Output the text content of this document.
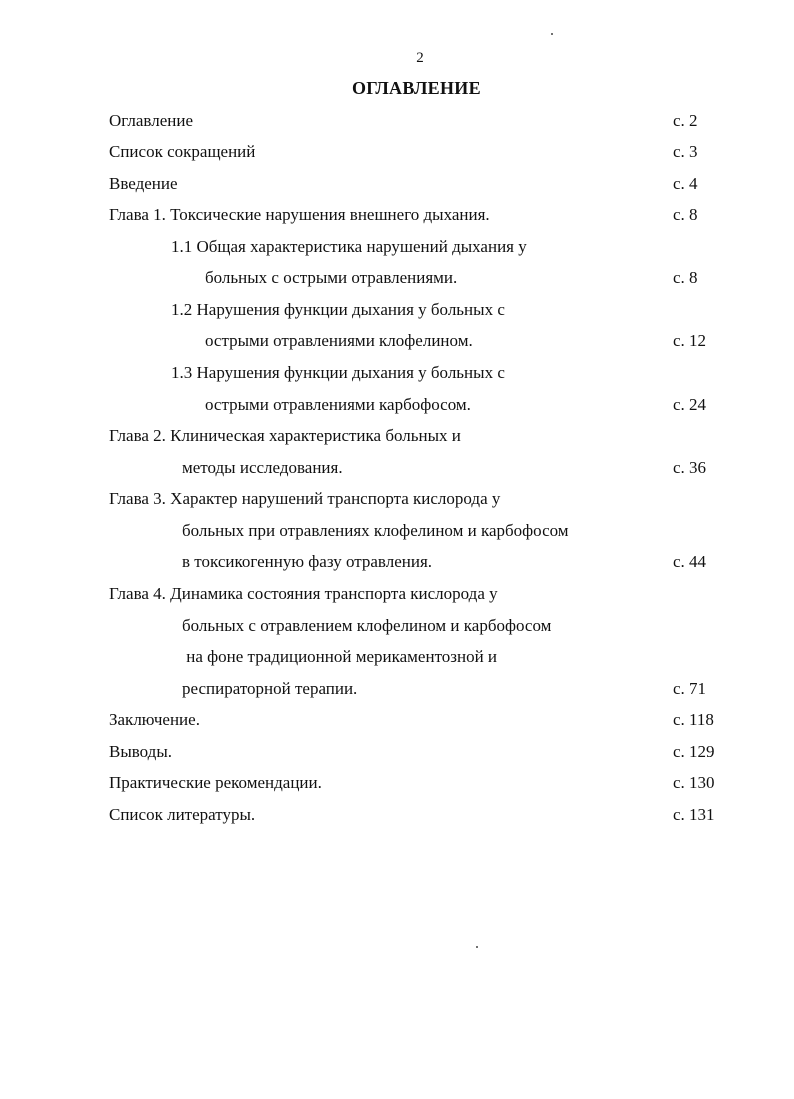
2
ОГЛАВЛЕНИЕ
Оглавление	с. 2
Список сокращений	с. 3
Введение	с. 4
Глава 1. Токсические нарушения внешнего дыхания.	с. 8
1.1 Общая характеристика нарушений дыхания у
больных с острыми отравлениями.	с. 8
1.2 Нарушения функции дыхания у больных с
острыми отравлениями клофелином.	с. 12
1.3 Нарушения функции дыхания у больных с
острыми отравлениями карбофосом.	с. 24
Глава 2. Клиническая характеристика больных и
методы исследования.	с. 36
Глава 3. Характер нарушений транспорта кислорода у
больных при отравлениях клофелином и карбофосом
в токсикогенную фазу отравления.	с. 44
Глава 4. Динамика состояния транспорта кислорода у
больных с отравлением клофелином и карбофосом
на фоне традиционной мерикаментозной и
респираторной терапии.	с. 71
Заключение.	с. 118
Выводы.	с. 129
Практические рекомендации.	с. 130
Список литературы.	с. 131
